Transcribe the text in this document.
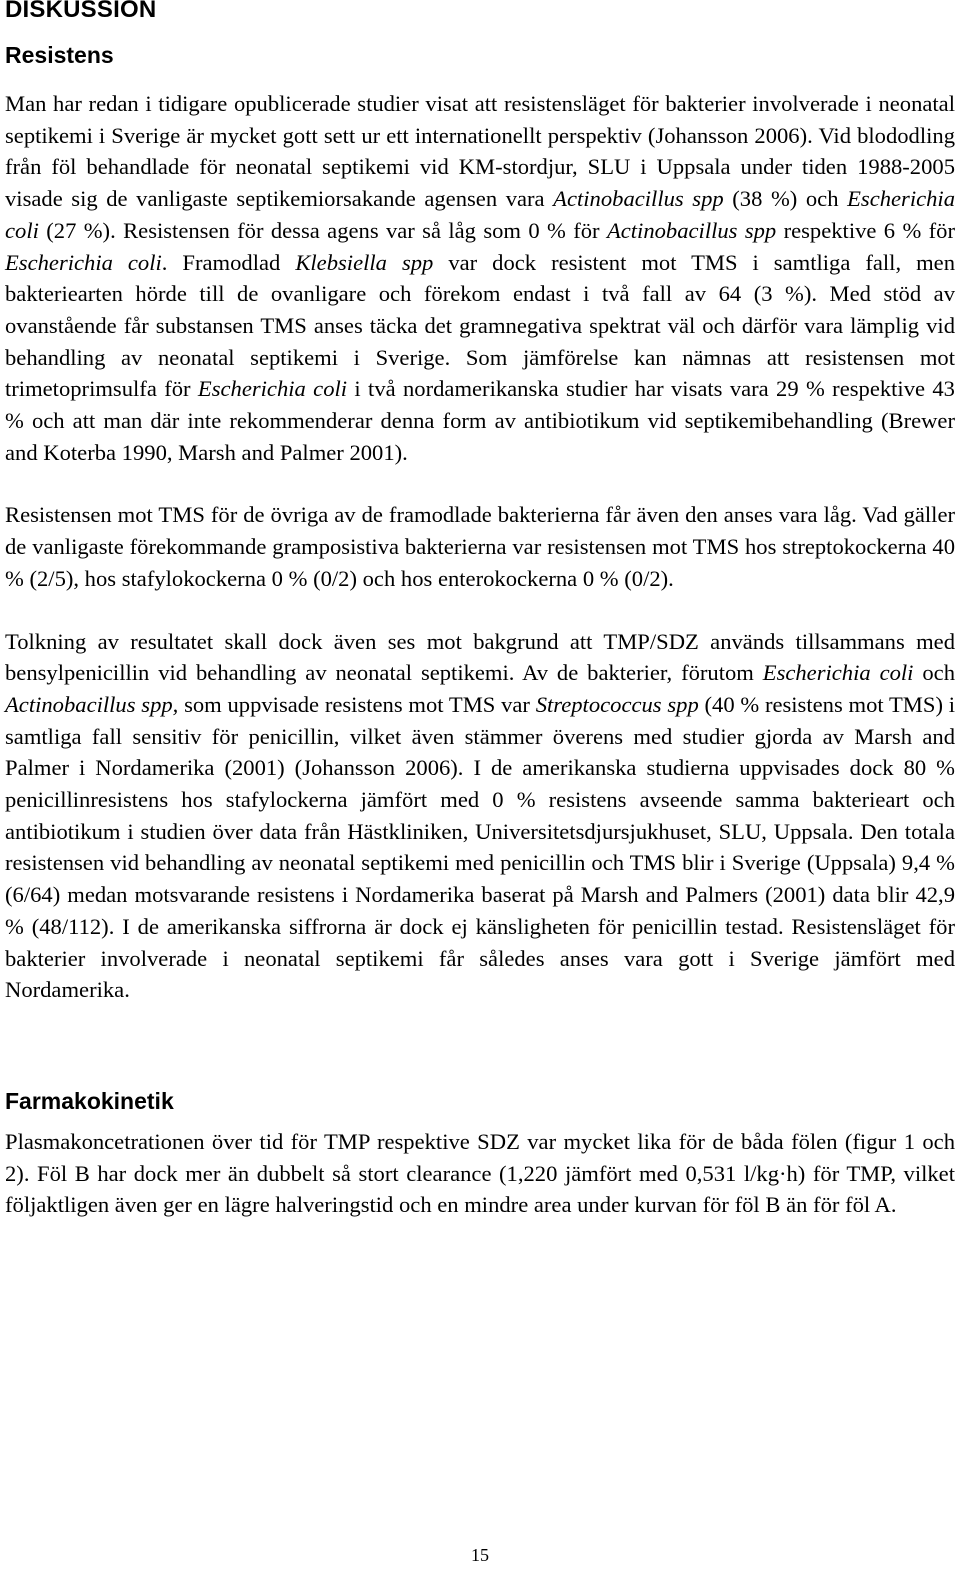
DISKUSSION
Resistens

Man har redan i tidigare opublicerade studier visat att resistensläget för bakterier involverade i neonatal septikemi i Sverige är mycket gott sett ur ett internationellt perspektiv (Johansson 2006). Vid blododling från föl behandlade för neonatal septikemi vid KM-stordjur, SLU i Uppsala under tiden 1988-2005 visade sig de vanligaste septikemiorsakande agensen vara Actinobacillus spp (38 %) och Escherichia coli (27 %). Resistensen för dessa agens var så låg som 0 % för Actinobacillus spp respektive 6 % för Escherichia coli. Framodlad Klebsiella spp var dock resistent mot TMS i samtliga fall, men bakteriearten hörde till de ovanligare och förekom endast i två fall av 64 (3 %). Med stöd av ovanstående får substansen TMS anses täcka det gramnegativa spektrat väl och därför vara lämplig vid behandling av neonatal septikemi i Sverige. Som jämförelse kan nämnas att resistensen mot trimetoprimsulfa för Escherichia coli i två nordamerikanska studier har visats vara 29 % respektive 43 % och att man där inte rekommenderar denna form av antibiotikum vid septikemibehandling (Brewer and Koterba 1990, Marsh and Palmer 2001).

Resistensen mot TMS för de övriga av de framodlade bakterierna får även den anses vara låg. Vad gäller de vanligaste förekommande gramposistiva bakterierna var resistensen mot TMS hos streptokockerna 40 % (2/5), hos stafylokockerna 0 % (0/2) och hos enterokockerna 0 % (0/2).

Tolkning av resultatet skall dock även ses mot bakgrund att TMP/SDZ används tillsammans med bensylpenicillin vid behandling av neonatal septikemi. Av de bakterier, förutom Escherichia coli och Actinobacillus spp, som uppvisade resistens mot TMS var Streptococcus spp (40 % resistens mot TMS) i samtliga fall sensitiv för penicillin, vilket även stämmer överens med studier gjorda av Marsh and Palmer i Nordamerika (2001) (Johansson 2006). I de amerikanska studierna uppvisades dock 80 % penicillinresistens hos stafylockerna jämfört med 0 % resistens avseende samma bakterieart och antibiotikum i studien över data från Hästkliniken, Universitetsdjursjukhuset, SLU, Uppsala. Den totala resistensen vid behandling av neonatal septikemi med penicillin och TMS blir i Sverige (Uppsala) 9,4 % (6/64) medan motsvarande resistens i Nordamerika baserat på Marsh and Palmers (2001) data blir 42,9 % (48/112). I de amerikanska siffrorna är dock ej känsligheten för penicillin testad. Resistensläget för bakterier involverade i neonatal septikemi får således anses vara gott i Sverige jämfört med Nordamerika.

Farmakokinetik

Plasmakoncetrationen över tid för TMP respektive SDZ var mycket lika för de båda fölen (figur 1 och 2). Föl B har dock mer än dubbelt så stort clearance (1,220 jämfört med 0,531 l/kg·h) för TMP, vilket följaktligen även ger en lägre halveringstid och en mindre area under kurvan för föl B än för föl A.

15
